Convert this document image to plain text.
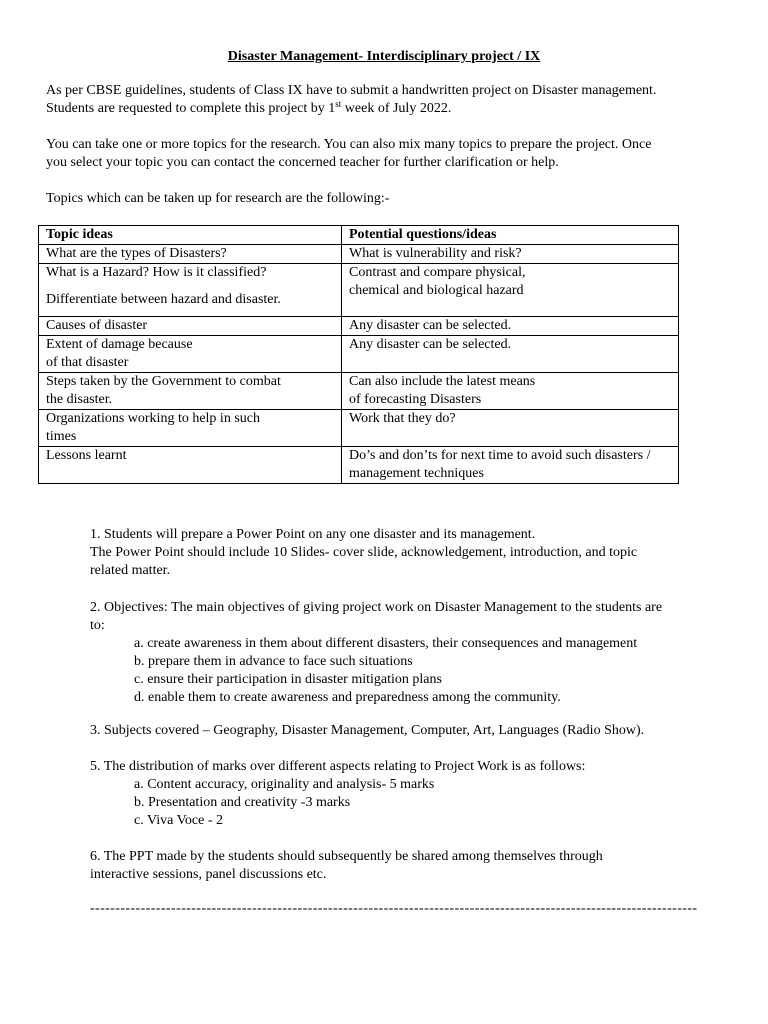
Disaster Management- Interdisciplinary project / IX

As per CBSE guidelines, students of Class IX have to submit a handwritten project on Disaster management.
Students are requested to complete this project by 1st week of July 2022.

You can take one or more topics for the research. You can also mix many topics to prepare the project. Once
you select your topic you can contact the concerned teacher for further clarification or help.

Topics which can be taken up for research are the following:-

Topic ideas	Potential questions/ideas

What are the types of Disasters?	What is vulnerability and risk?

What is a Hazard? How is it classified?
Differentiate between hazard and disaster.	Contrast and compare physical,
chemical and biological hazard

Causes of disaster	Any disaster can be selected.

Extent of damage because
of that disaster	Any disaster can be selected.

Steps taken by the Government to combat
the disaster.	Can also include the latest means
of forecasting Disasters

Organizations working to help in such
times	Work that they do?

Lessons learnt	Do’s and don’ts for next time to avoid such disasters /
management techniques

1. Students will prepare a Power Point on any one disaster and its management.
The Power Point should include 10 Slides- cover slide, acknowledgement, introduction, and topic
related matter.

2. Objectives: The main objectives of giving project work on Disaster Management to the students are
to:
a. create awareness in them about different disasters, their consequences and management
b. prepare them in advance to face such situations
c. ensure their participation in disaster mitigation plans
d. enable them to create awareness and preparedness among the community.

3. Subjects covered – Geography, Disaster Management, Computer, Art, Languages (Radio Show).

5. The distribution of marks over different aspects relating to Project Work is as follows:
a. Content accuracy, originality and analysis- 5 marks
b. Presentation and creativity -3 marks
c. Viva Voce - 2

6. The PPT made by the students should subsequently be shared among themselves through
interactive sessions, panel discussions etc.

------------------------------------------------------------------------------------------------------------------------
